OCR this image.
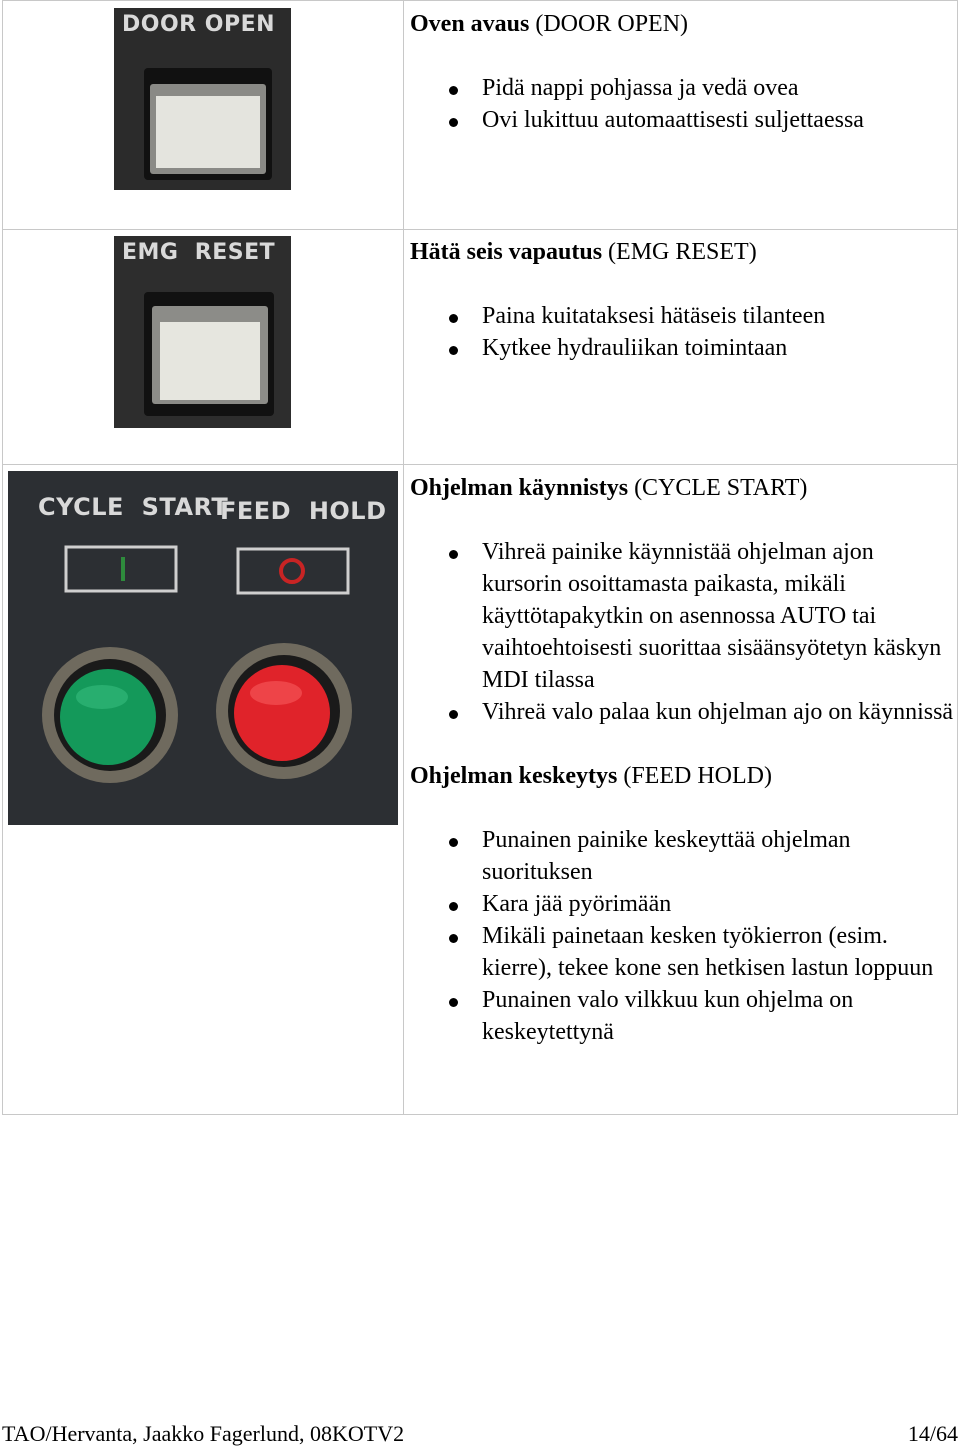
DOOR OPEN
EMG  RESET
CYCLE  START
FEED  HOLD

Oven avaus (DOOR OPEN)

Pidä nappi pohjassa ja vedä ovea
Ovi lukittuu automaattisesti suljettaessa

Hätä seis vapautus (EMG RESET)

Paina kuitataksesi hätäseis tilanteen
Kytkee hydrauliikan toimintaan

Ohjelman käynnistys (CYCLE START)

Vihreä painike käynnistää ohjelman ajon kursorin osoittamasta paikasta, mikäli käyttötapakytkin on asennossa AUTO tai vaihtoehtoisesti suorittaa sisäänsyötetyn käskyn MDI tilassa
Vihreä valo palaa kun ohjelman ajo on käynnissä

Ohjelman keskeytys (FEED HOLD)

Punainen painike keskeyttää ohjelman suorituksen
Kara jää pyörimään
Mikäli painetaan kesken työkierron (esim. kierre), tekee kone sen hetkisen lastun loppuun
Punainen valo vilkkuu kun ohjelma on keskeytettynä
TAO/Hervanta, Jaakko Fagerlund, 08KOTV2	14/64
